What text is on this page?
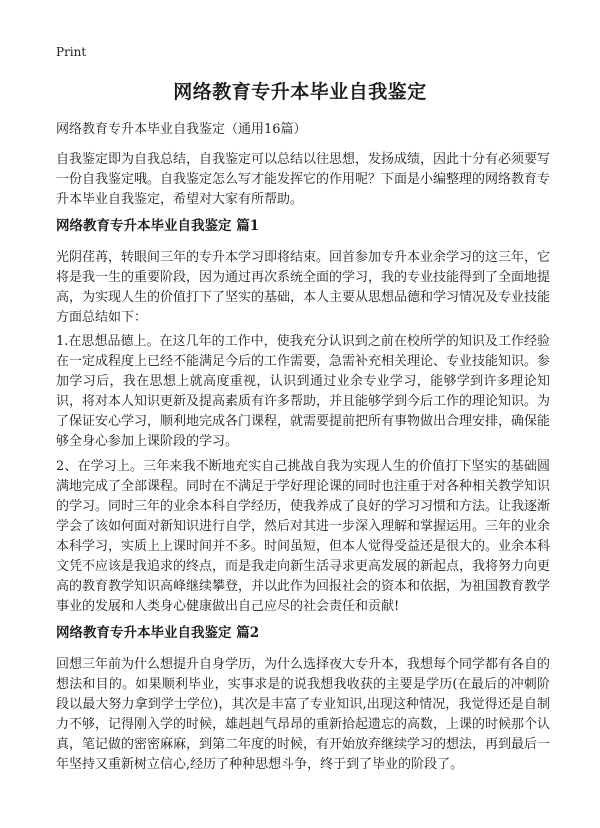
Print
网络教育专升本毕业自我鉴定
网络教育专升本毕业自我鉴定（通用16篇）

自我鉴定即为自我总结，自我鉴定可以总结以往思想，发扬成绩，因此十分有必须要写一份自我鉴定哦。自我鉴定怎么写才能发挥它的作用呢？下面是小编整理的网络教育专升本毕业自我鉴定，希望对大家有所帮助。

网络教育专升本毕业自我鉴定 篇1

光阴荏苒，转眼间三年的专升本学习即将结束。回首参加专升本业余学习的这三年，它将是我一生的重要阶段，因为通过再次系统全面的学习，我的专业技能得到了全面地提高，为实现人生的价值打下了坚实的基础，本人主要从思想品德和学习情况及专业技能方面总结如下：

1.在思想品德上。在这几年的工作中，使我充分认识到之前在校所学的知识及工作经验在一定成程度上已经不能满足今后的工作需要，急需补充相关理论、专业技能知识。参加学习后，我在思想上就高度重视，认识到通过业余专业学习，能够学到许多理论知识，将对本人知识更新及提高素质有许多帮助，并且能够学到今后工作的理论知识。为了保证安心学习，顺利地完成各门课程，就需要提前把所有事物做出合理安排，确保能够全身心参加上课阶段的学习。

2、在学习上。三年来我不断地充实自己挑战自我为实现人生的价值打下坚实的基础圆满地完成了全部课程。同时在不满足于学好理论课的同时也注重于对各种相关教学知识的学习。同时三年的业余本科自学经历，使我养成了良好的学习习惯和方法。让我逐渐学会了该如何面对新知识进行自学，然后对其进一步深入理解和掌握运用。三年的业余本科学习，实质上上课时间并不多。时间虽短，但本人觉得受益还是很大的。业余本科文凭不应该是我追求的终点，而是我走向新生活寻求更高发展的新起点，我将努力向更高的教育教学知识高峰继续攀登，并以此作为回报社会的资本和依据，为祖国教育教学事业的发展和人类身心健康做出自己应尽的社会责任和贡献!

网络教育专升本毕业自我鉴定 篇2

回想三年前为什么想提升自身学历，为什么选择夜大专升本，我想每个同学都有各自的想法和目的。如果顺利毕业，实事求是的说我想我收获的主要是学历(在最后的冲刺阶段以最大努力拿到学士学位)，其次是丰富了专业知识,出现这种情况，我觉得还是自制力不够，记得刚入学的时候，雄赳赳气昂昂的重新拾起遗忘的高数，上课的时候那个认真，笔记做的密密麻麻，到第二年度的时候，有开始放弃继续学习的想法，再到最后一年坚持又重新树立信心,经历了种种思想斗争，终于到了毕业的阶段了。
